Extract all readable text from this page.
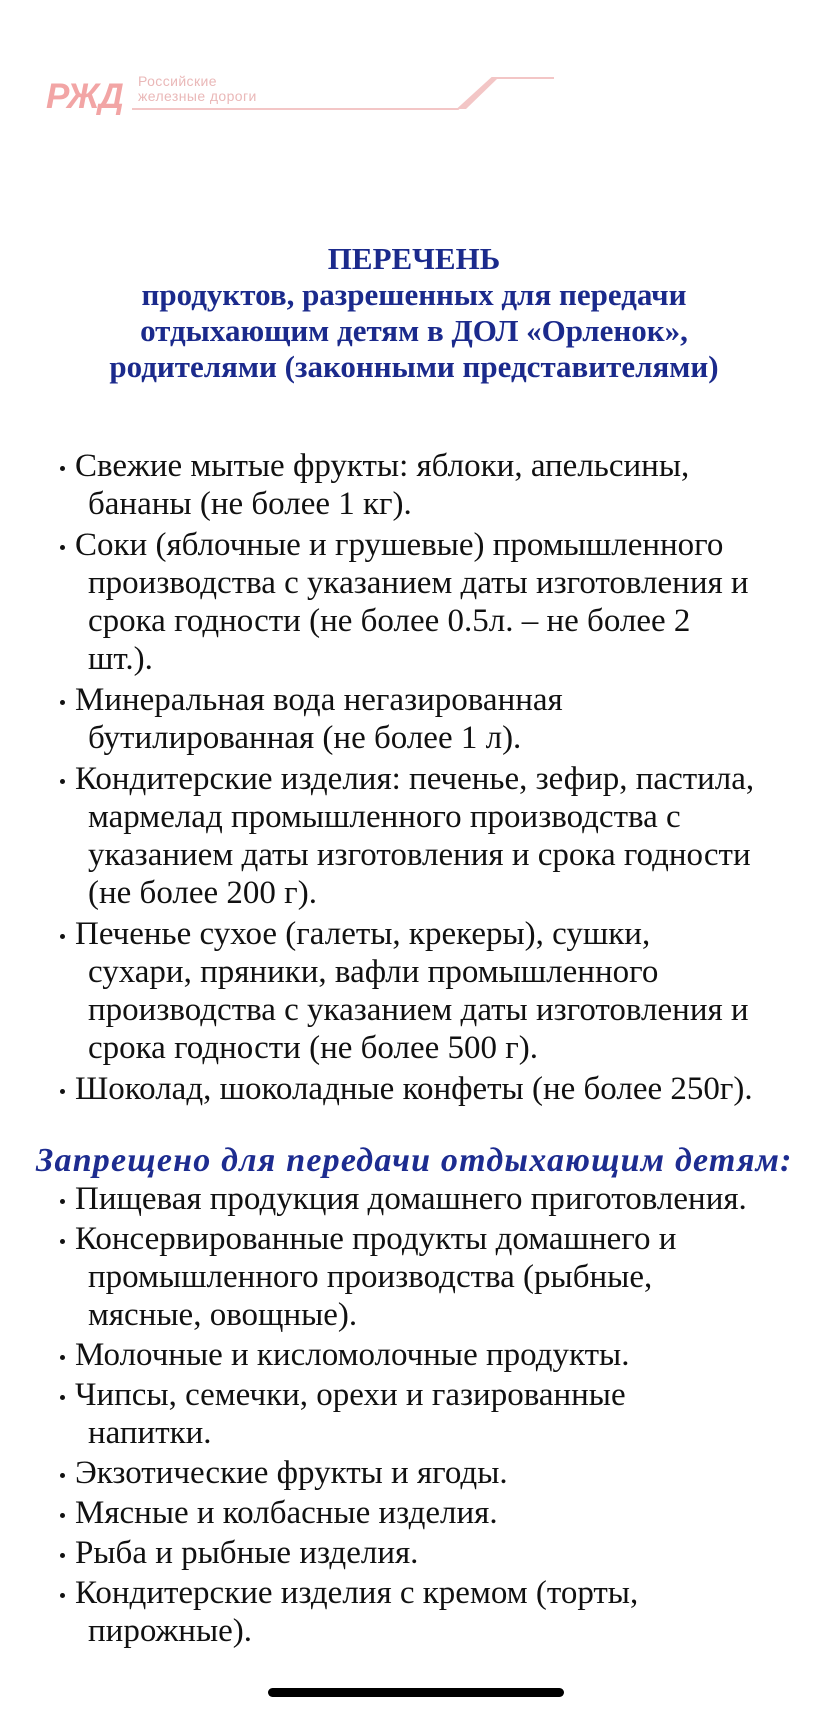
РЖД Российские
железные дороги
ПЕРЕЧЕНЬ
продуктов, разрешенных для передачи
отдыхающим детям в ДОЛ «Орленок»,
родителями (законными представителями)
Свежие мытые фрукты: яблоки, апельсины,
бананы (не более 1 кг).
Соки (яблочные и грушевые) промышленного
производства с указанием даты изготовления и
срока годности (не более 0.5л. – не более 2
шт.).
Минеральная вода негазированная
бутилированная (не более 1 л).
Кондитерские изделия: печенье, зефир, пастила,
мармелад промышленного производства с
указанием даты изготовления и срока годности
(не более 200 г).
Печенье сухое (галеты, крекеры), сушки,
сухари, пряники, вафли промышленного
производства с указанием даты изготовления и
срока годности (не более 500 г).
Шоколад, шоколадные конфеты (не более 250г).
Запрещено для передачи отдыхающим детям:
Пищевая продукция домашнего приготовления.
Консервированные продукты домашнего и
промышленного производства (рыбные,
мясные, овощные).
Молочные и кисломолочные продукты.
Чипсы, семечки, орехи и газированные
напитки.
Экзотические фрукты и ягоды.
Мясные и колбасные изделия.
Рыба и рыбные изделия.
Кондитерские изделия с кремом (торты,
пирожные).
